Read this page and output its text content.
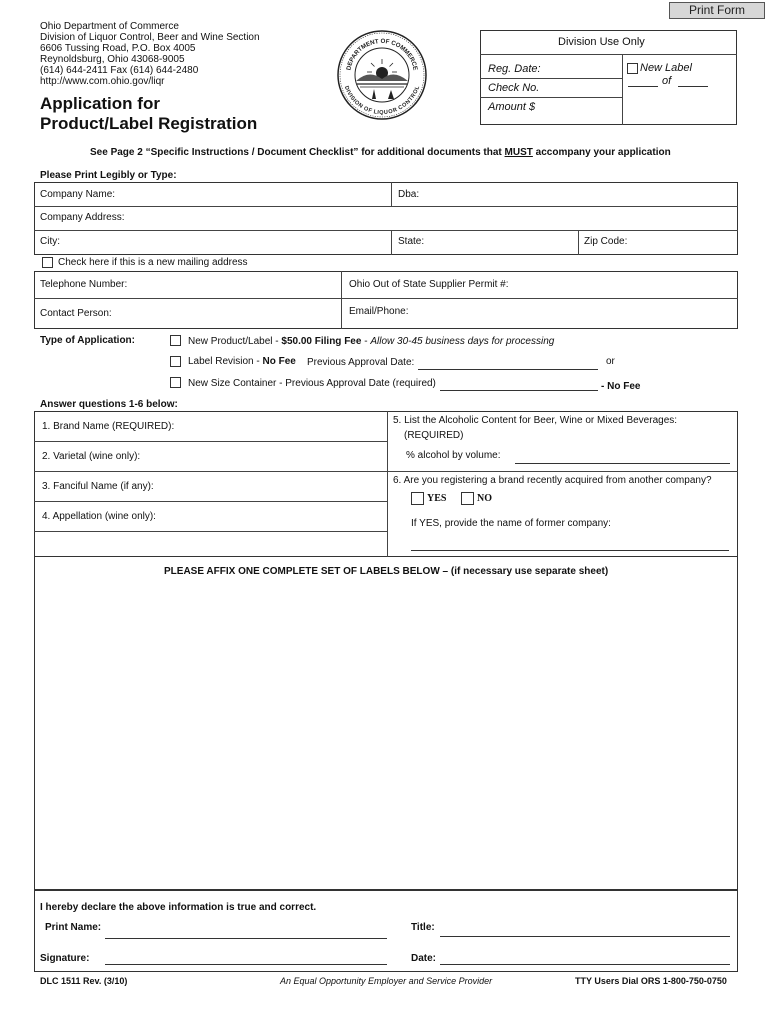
Print Form
Ohio Department of Commerce
Division of Liquor Control, Beer and Wine Section
6606 Tussing Road, P.O. Box 4005
Reynoldsburg, Ohio 43068-9005
(614) 644-2411 Fax (614) 644-2480
http://www.com.ohio.gov/liqr
Application for
Product/Label Registration
DEPARTMENT OF COMMERCE
DIVISION OF LIQUOR CONTROL
Division Use Only
Reg. Date:
Check No.
Amount $
New Label
of
See Page 2 “Specific Instructions / Document Checklist” for additional documents that MUST accompany your application
Please Print Legibly or Type:
Company Name:	Dba:
Company Address:
City:	State:	Zip Code:
Check here if this is a new mailing address
Telephone Number:	Ohio Out of State Supplier Permit #:
Contact Person:	Email/Phone:
Type of Application:	New Product/Label - $50.00 Filing Fee - Allow 30-45 business days for processing
Label Revision - No Fee Previous Approval Date:	or
New Size Container - Previous Approval Date (required)	- No Fee
Answer questions 1-6 below:
1. Brand Name (REQUIRED):
2. Varietal (wine only):
3. Fanciful Name (if any):
4. Appellation (wine only):
5. List the Alcoholic Content for Beer, Wine or Mixed Beverages:
(REQUIRED)
% alcohol by volume:
6. Are you registering a brand recently acquired from another company?
YES	NO
If YES, provide the name of former company:
PLEASE AFFIX ONE COMPLETE SET OF LABELS BELOW – (if necessary use separate sheet)
I hereby declare the above information is true and correct.
Print Name:	Title:
Signature:	Date:
DLC 1511 Rev. (3/10)	An Equal Opportunity Employer and Service Provider	TTY Users Dial ORS 1-800-750-0750
